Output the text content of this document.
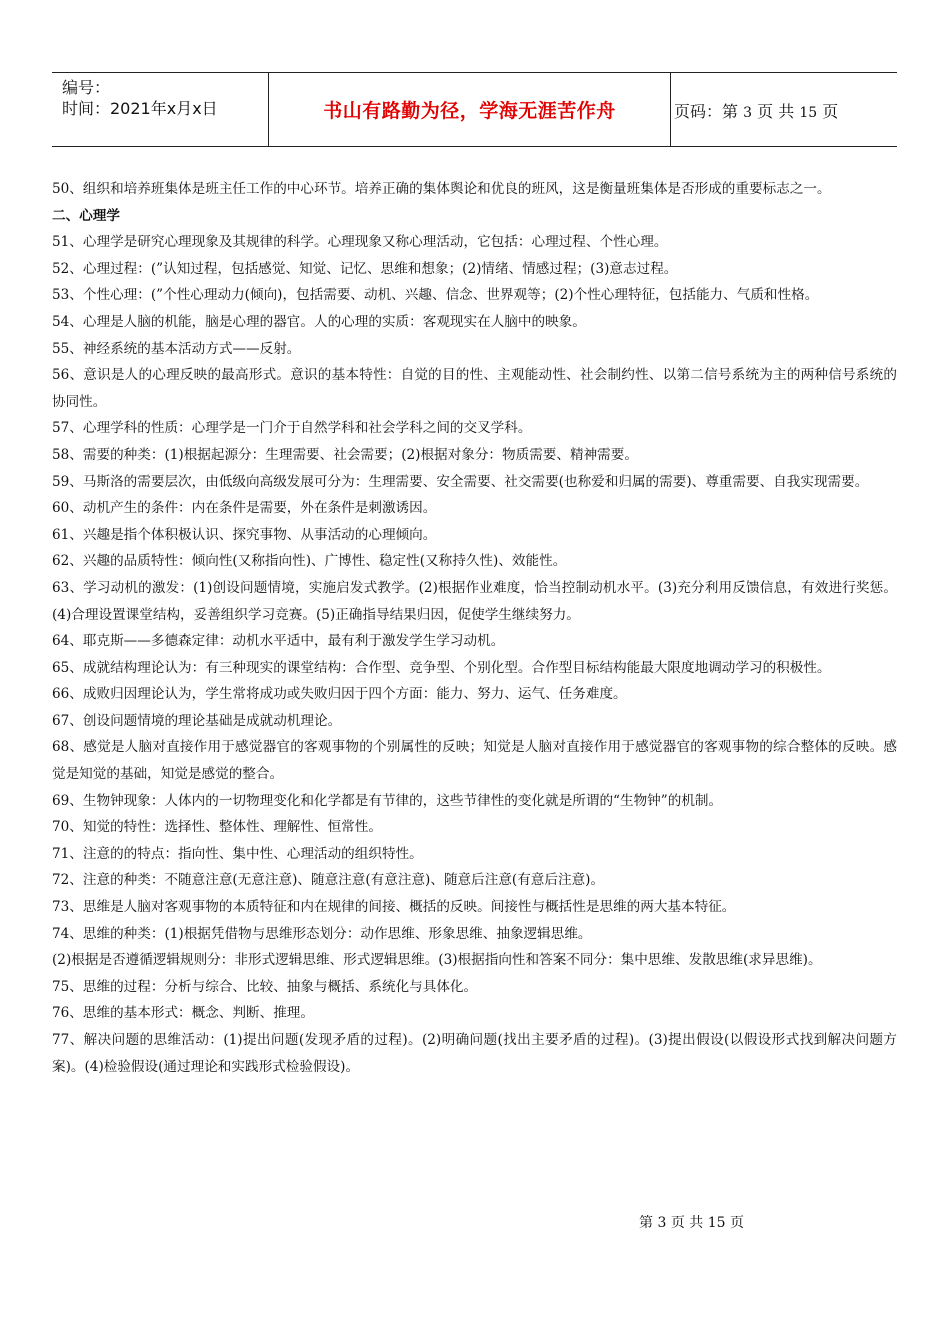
编号：
时间：2021年x月x日	书山有路勤为径，学海无涯苦作舟	页码：第 3 页 共 15 页

50、组织和培养班集体是班主任工作的中心环节。培养正确的集体舆论和优良的班风，这是衡量班集体是否形成的重要标志之一。

二、心理学

51、心理学是研究心理现象及其规律的科学。心理现象又称心理活动，它包括：心理过程、个性心理。

52、心理过程：(”认知过程，包括感觉、知觉、记忆、思维和想象；(2)情绪、情感过程；(3)意志过程。

53、个性心理：(”个性心理动力(倾向)，包括需要、动机、兴趣、信念、世界观等；(2)个性心理特征，包括能力、气质和性格。

54、心理是人脑的机能，脑是心理的器官。人的心理的实质：客观现实在人脑中的映象。

55、神经系统的基本活动方式——反射。

56、意识是人的心理反映的最高形式。意识的基本特性：自觉的目的性、主观能动性、社会制约性、以第二信号系统为主的两种信号系统的协同性。

57、心理学科的性质：心理学是一门介于自然学科和社会学科之间的交叉学科。

58、需要的种类：(1)根据起源分：生理需要、社会需要；(2)根据对象分：物质需要、精神需要。

59、马斯洛的需要层次，由低级向高级发展可分为：生理需要、安全需要、社交需要(也称爱和归属的需要)、尊重需要、自我实现需要。

60、动机产生的条件：内在条件是需要，外在条件是刺激诱因。

61、兴趣是指个体积极认识、探究事物、从事活动的心理倾向。

62、兴趣的品质特性：倾向性(又称指向性)、广博性、稳定性(又称持久性)、效能性。

63、学习动机的激发：(1)创设问题情境，实施启发式教学。(2)根据作业难度，恰当控制动机水平。(3)充分利用反馈信息，有效进行奖惩。(4)合理设置课堂结构，妥善组织学习竞赛。(5)正确指导结果归因，促使学生继续努力。

64、耶克斯——多德森定律：动机水平适中，最有利于激发学生学习动机。

65、成就结构理论认为：有三种现实的课堂结构：合作型、竞争型、个别化型。合作型目标结构能最大限度地调动学习的积极性。

66、成败归因理论认为，学生常将成功或失败归因于四个方面：能力、努力、运气、任务难度。

67、创设问题情境的理论基础是成就动机理论。

68、感觉是人脑对直接作用于感觉器官的客观事物的个别属性的反映；知觉是人脑对直接作用于感觉器官的客观事物的综合整体的反映。感觉是知觉的基础，知觉是感觉的整合。

69、生物钟现象：人体内的一切物理变化和化学都是有节律的，这些节律性的变化就是所谓的“生物钟”的机制。

70、知觉的特性：选择性、整体性、理解性、恒常性。

71、注意的的特点：指向性、集中性、心理活动的组织特性。

72、注意的种类：不随意注意(无意注意)、随意注意(有意注意)、随意后注意(有意后注意)。

73、思维是人脑对客观事物的本质特征和内在规律的间接、概括的反映。间接性与概括性是思维的两大基本特征。

74、思维的种类：(1)根据凭借物与思维形态划分：动作思维、形象思维、抽象逻辑思维。

(2)根据是否遵循逻辑规则分：非形式逻辑思维、形式逻辑思维。(3)根据指向性和答案不同分：集中思维、发散思维(求异思维)。

75、思维的过程：分析与综合、比较、抽象与概括、系统化与具体化。

76、思维的基本形式：概念、判断、推理。

77、解决问题的思维活动：(1)提出问题(发现矛盾的过程)。(2)明确问题(找出主要矛盾的过程)。(3)提出假设(以假设形式找到解决问题方案)。(4)检验假设(通过理论和实践形式检验假设)。

第 3 页 共 15 页
